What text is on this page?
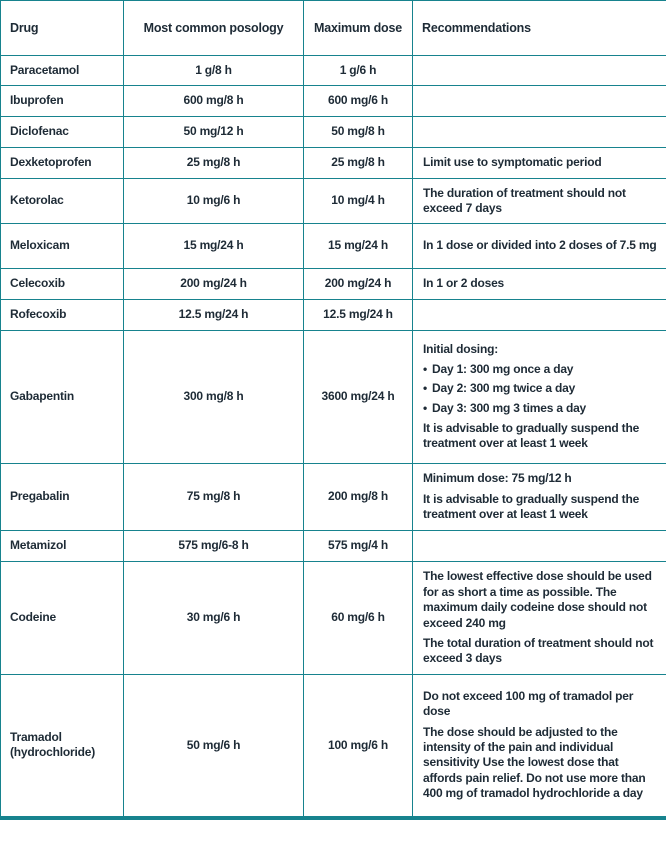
Drug	Most common posology	Maximum dose	Recommendations
Paracetamol	1 g/8 h	1 g/6 h	
Ibuprofen	600 mg/8 h	600 mg/6 h	
Diclofenac	50 mg/12 h	50 mg/8 h	
Dexketoprofen	25 mg/8 h	25 mg/8 h	Limit use to symptomatic period

Ketorolac	10 mg/6 h	10 mg/4 h	The duration of treatment should not exceed 7 days

Meloxicam	15 mg/24 h	15 mg/24 h	In 1 dose or divided into 2 doses of 7.5 mg

Celecoxib	200 mg/24 h	200 mg/24 h	In 1 or 2 doses

Rofecoxib	12.5 mg/24 h	12.5 mg/24 h	
Gabapentin	300 mg/8 h	3600 mg/24 h	
Initial dosing:
• Day 1: 300 mg once a day
• Day 2: 300 mg twice a day
• Day 3: 300 mg 3 times a day
It is advisable to gradually suspend the treatment over at least 1 week

Pregabalin	75 mg/8 h	200 mg/8 h	Minimum dose: 75 mg/12 h
It is advisable to gradually suspend the treatment over at least 1 week

Metamizol	575 mg/6-8 h	575 mg/4 h	
Codeine	30 mg/6 h	60 mg/6 h	The lowest effective dose should be used for as short a time as possible. The maximum daily codeine dose should not exceed 240 mg
The total duration of treatment should not exceed 3 days

Tramadol (hydrochloride)	50 mg/6 h	100 mg/6 h	Do not exceed 100 mg of tramadol per dose
The dose should be adjusted to the intensity of the pain and individual sensitivity Use the lowest dose that affords pain relief. Do not use more than 400 mg of tramadol hydrochloride a day
